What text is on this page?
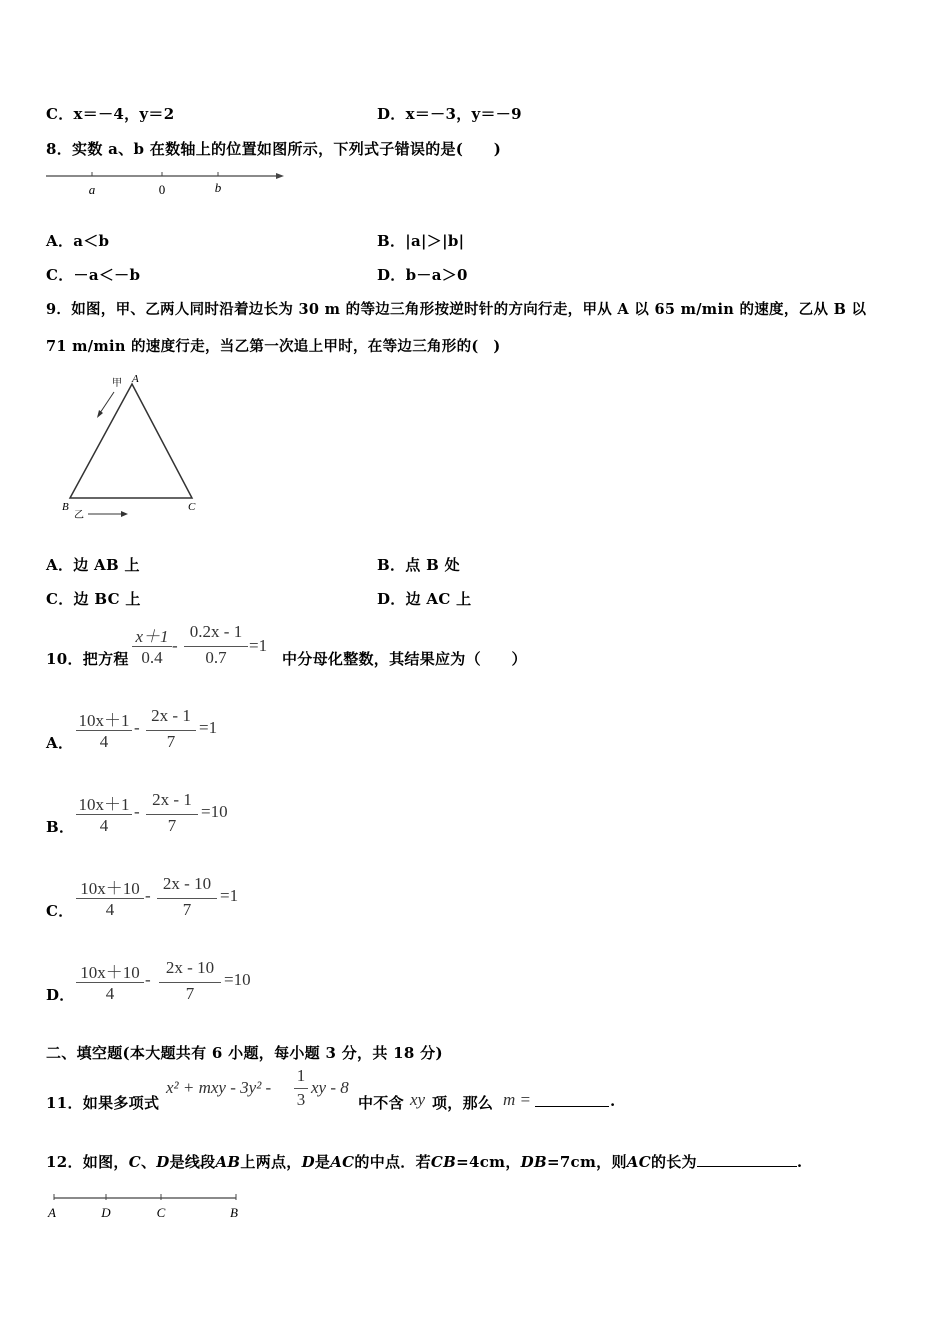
C．x＝－4，y＝2	D．x＝－3，y＝－9
8．实数 a、b 在数轴上的位置如图所示，下列式子错误的是(　　)
a	0	b
A．a＜b	B．|a|＞|b|
C．－a＜－b	D．b－a＞0
9．如图，甲、乙两人同时沿着边长为 30 m 的等边三角形按逆时针的方向行走，甲从 A 以 65 m/min 的速度，乙从 B 以
71 m/min 的速度行走，当乙第一次追上甲时，在等边三角形的(　)
A
B	C
甲
乙
A．边 AB 上	B．点 B 处
C．边 BC 上	D．边 AC 上
10．把方程
x＋1
0.4
-
0.2x - 1
0.7
=1
中分母化整数，其结果应为（　　）
A．
10x＋1
4
-
2x - 1
7
=1
B．
10x＋1
4
-
2x - 1
7
=10
C．
10x＋10
4
-
2x - 10
7
=1
D．
10x＋10
4
-
2x - 10
7
=10
二、填空题(本大题共有 6 小题，每小题 3 分，共 18 分)
11．如果多项式
x² + mxy - 3y² -
1
3
xy - 8
中不含 xy 项，那么 m =	.
12．如图，C、D是线段AB上两点，D是AC的中点．若CB=4cm，DB=7cm，则AC的长为	.
A	D	C	B
